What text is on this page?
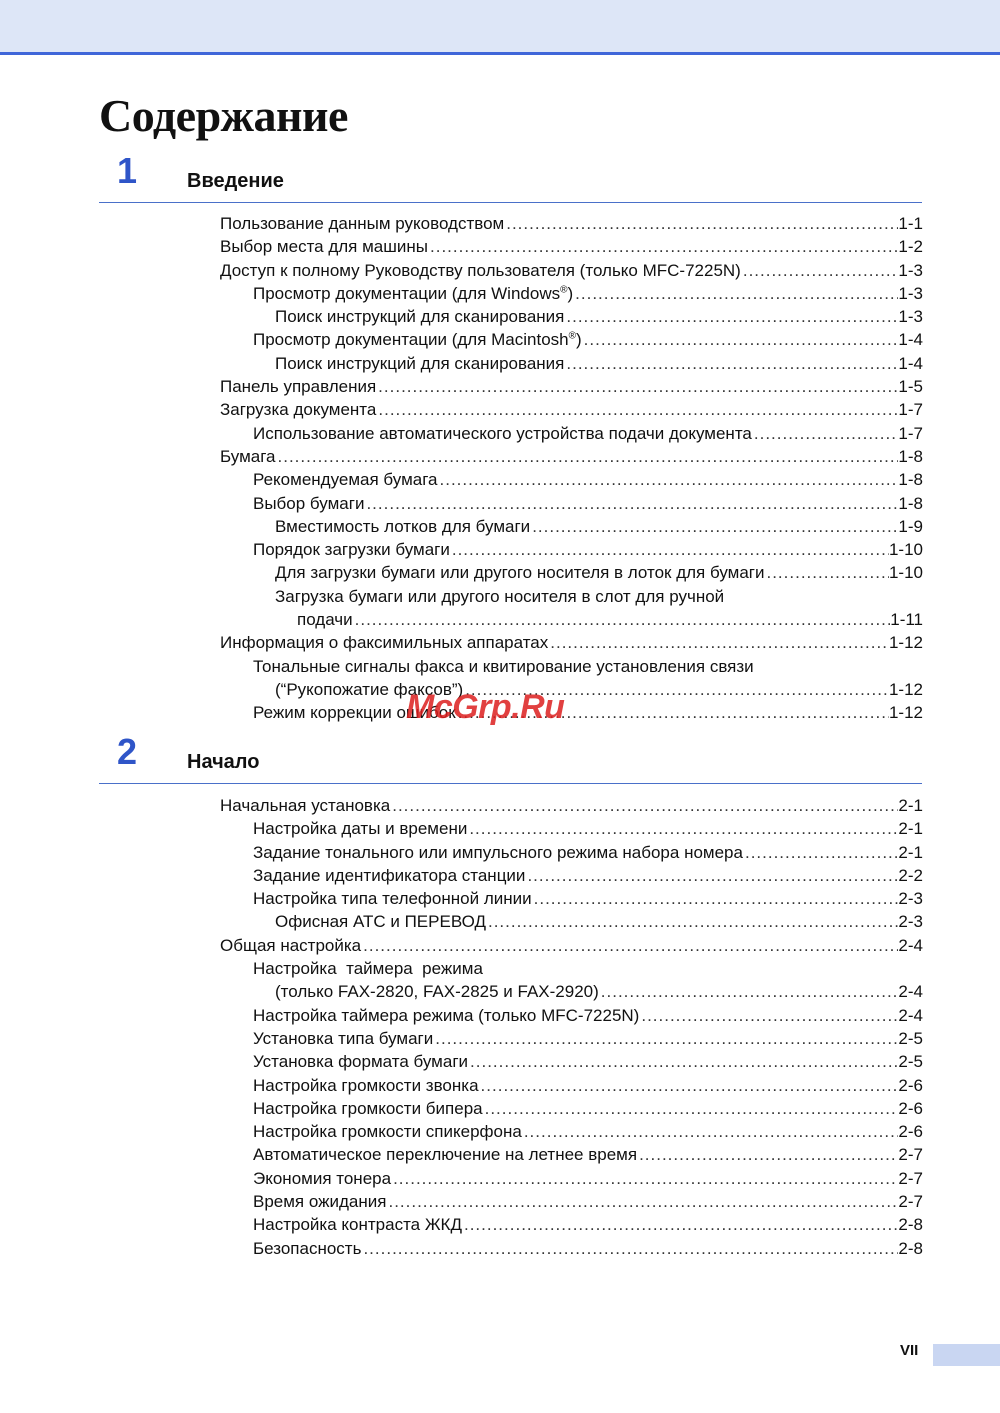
Содержание
1 Введение
Пользование данным руководством .....	1-1
Выбор места для машины .....	1-2
Доступ к полному Руководству пользователя (только MFC-7225N) .....	1-3
Просмотр документации (для Windows®) .....	1-3
Поиск инструкций для сканирования .....	1-3
Просмотр документации (для Macintosh®) .....	1-4
Поиск инструкций для сканирования .....	1-4
Панель управления .....	1-5
Загрузка документа .....	1-7
Использование автоматического устройства подачи документа .....	1-7
Бумага .....	1-8
Рекомендуемая бумага .....	1-8
Выбор бумаги .....	1-8
Вместимость лотков для бумаги .....	1-9
Порядок загрузки бумаги .....	1-10
Для загрузки бумаги или другого носителя в лоток для бумаги .....	1-10
Загрузка бумаги или другого носителя в слот для ручной
подачи .....	1-11
Информация о факсимильных аппаратах .....	1-12
Тональные сигналы факса и квитирование установления связи
(“Рукопожатие факсов”) .....	1-12
Режим коррекции ошибок .....	1-12
2 Начало
Начальная установка .....	2-1
Настройка даты и времени .....	2-1
Задание тонального или импульсного режима набора номера .....	2-1
Задание идентификатора станции .....	2-2
Настройка типа телефонной линии .....	2-3
Офисная АТС и ПЕРЕВОД .....	2-3
Общая настройка .....	2-4
Настройка  таймера  режима
(только FAX-2820, FAX-2825 и FAX-2920) .....	2-4
Настройка таймера режима (только MFC-7225N) .....	2-4
Установка типа бумаги .....	2-5
Установка формата бумаги .....	2-5
Настройка громкости звонка .....	2-6
Настройка громкости бипера .....	2-6
Настройка громкости спикерфона .....	2-6
Автоматическое переключение на летнее время .....	2-7
Экономия тонера .....	2-7
Время ожидания .....	2-7
Настройка контраста ЖКД .....	2-8
Безопасность .....	2-8
McGrp.Ru
VII
